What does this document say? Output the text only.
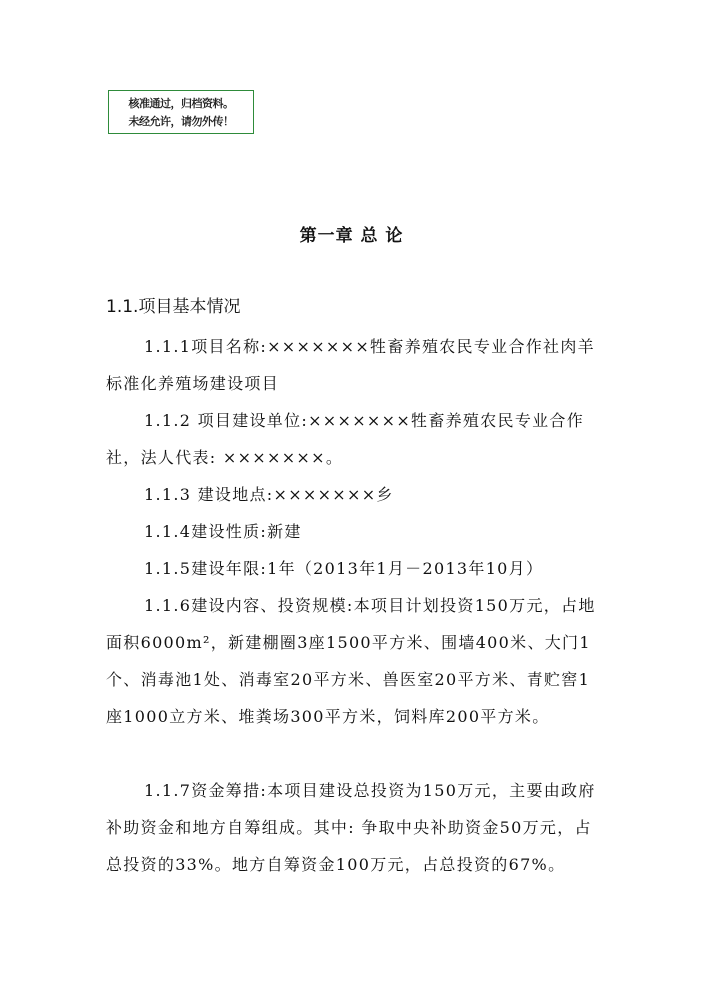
核准通过，归档资料。
未经允许，请勿外传！
第一章 总 论
1.1.项目基本情况
1.1.1项目名称:×××××××牲畜养殖农民专业合作社肉羊标准化养殖场建设项目
1.1.2 项目建设单位:×××××××牲畜养殖农民专业合作社，法人代表: ×××××××。
1.1.3 建设地点:×××××××乡
1.1.4建设性质:新建
1.1.5建设年限:1年（2013年1月－2013年10月）
1.1.6建设内容、投资规模:本项目计划投资150万元，占地面积6000m²，新建棚圈3座1500平方米、围墙400米、大门1个、消毒池1处、消毒室20平方米、兽医室20平方米、青贮窖1座1000立方米、堆粪场300平方米，饲料库200平方米。
1.1.7资金筹措:本项目建设总投资为150万元，主要由政府补助资金和地方自筹组成。其中: 争取中央补助资金50万元，占总投资的33%。地方自筹资金100万元，占总投资的67%。
